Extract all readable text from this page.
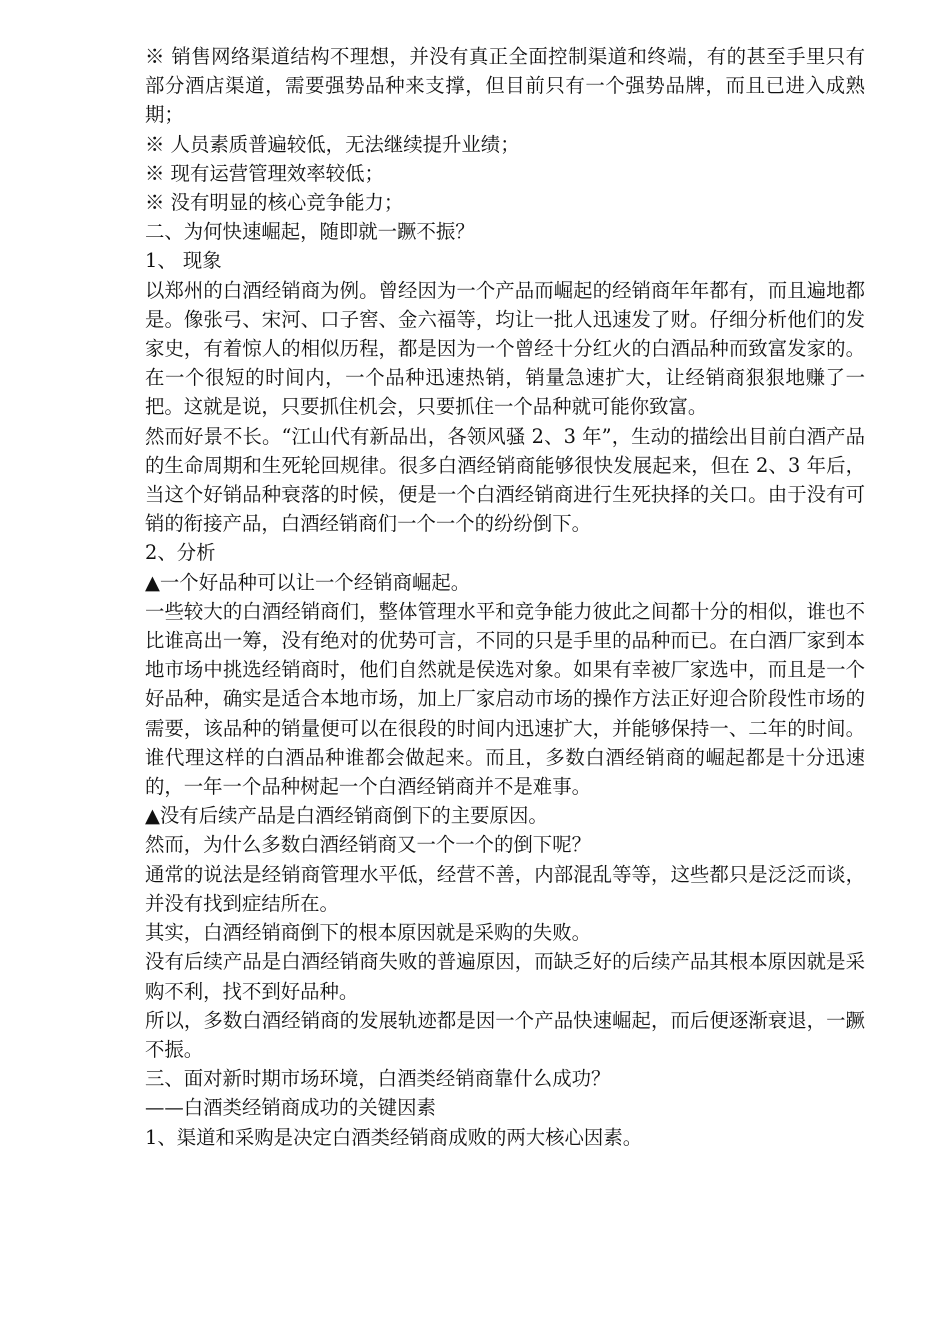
※ 销售网络渠道结构不理想，并没有真正全面控制渠道和终端，有的甚至手里只有部分酒店渠道，需要强势品种来支撑，但目前只有一个强势品牌，而且已进入成熟期；

※ 人员素质普遍较低，无法继续提升业绩；

※ 现有运营管理效率较低；

※ 没有明显的核心竞争能力；

二、为何快速崛起，随即就一蹶不振？

1、 现象

以郑州的白酒经销商为例。曾经因为一个产品而崛起的经销商年年都有，而且遍地都是。像张弓、宋河、口子窖、金六福等，均让一批人迅速发了财。仔细分析他们的发家史，有着惊人的相似历程，都是因为一个曾经十分红火的白酒品种而致富发家的。在一个很短的时间内，一个品种迅速热销，销量急速扩大，让经销商狠狠地赚了一把。这就是说，只要抓住机会，只要抓住一个品种就可能你致富。

然而好景不长。“江山代有新品出，各领风骚 2、3 年”，生动的描绘出目前白酒产品的生命周期和生死轮回规律。很多白酒经销商能够很快发展起来，但在 2、3 年后，当这个好销品种衰落的时候，便是一个白酒经销商进行生死抉择的关口。由于没有可销的衔接产品，白酒经销商们一个一个的纷纷倒下。

2、分析

▲一个好品种可以让一个经销商崛起。

一些较大的白酒经销商们，整体管理水平和竞争能力彼此之间都十分的相似，谁也不比谁高出一筹，没有绝对的优势可言，不同的只是手里的品种而已。在白酒厂家到本地市场中挑选经销商时，他们自然就是侯选对象。如果有幸被厂家选中，而且是一个好品种，确实是适合本地市场，加上厂家启动市场的操作方法正好迎合阶段性市场的需要，该品种的销量便可以在很段的时间内迅速扩大，并能够保持一、二年的时间。谁代理这样的白酒品种谁都会做起来。而且，多数白酒经销商的崛起都是十分迅速的，一年一个品种树起一个白酒经销商并不是难事。

▲没有后续产品是白酒经销商倒下的主要原因。

然而，为什么多数白酒经销商又一个一个的倒下呢？

通常的说法是经销商管理水平低，经营不善，内部混乱等等，这些都只是泛泛而谈，并没有找到症结所在。

其实，白酒经销商倒下的根本原因就是采购的失败。

没有后续产品是白酒经销商失败的普遍原因，而缺乏好的后续产品其根本原因就是采购不利，找不到好品种。

所以，多数白酒经销商的发展轨迹都是因一个产品快速崛起，而后便逐渐衰退，一蹶不振。

三、面对新时期市场环境，白酒类经销商靠什么成功？

——白酒类经销商成功的关键因素

1、渠道和采购是决定白酒类经销商成败的两大核心因素。
